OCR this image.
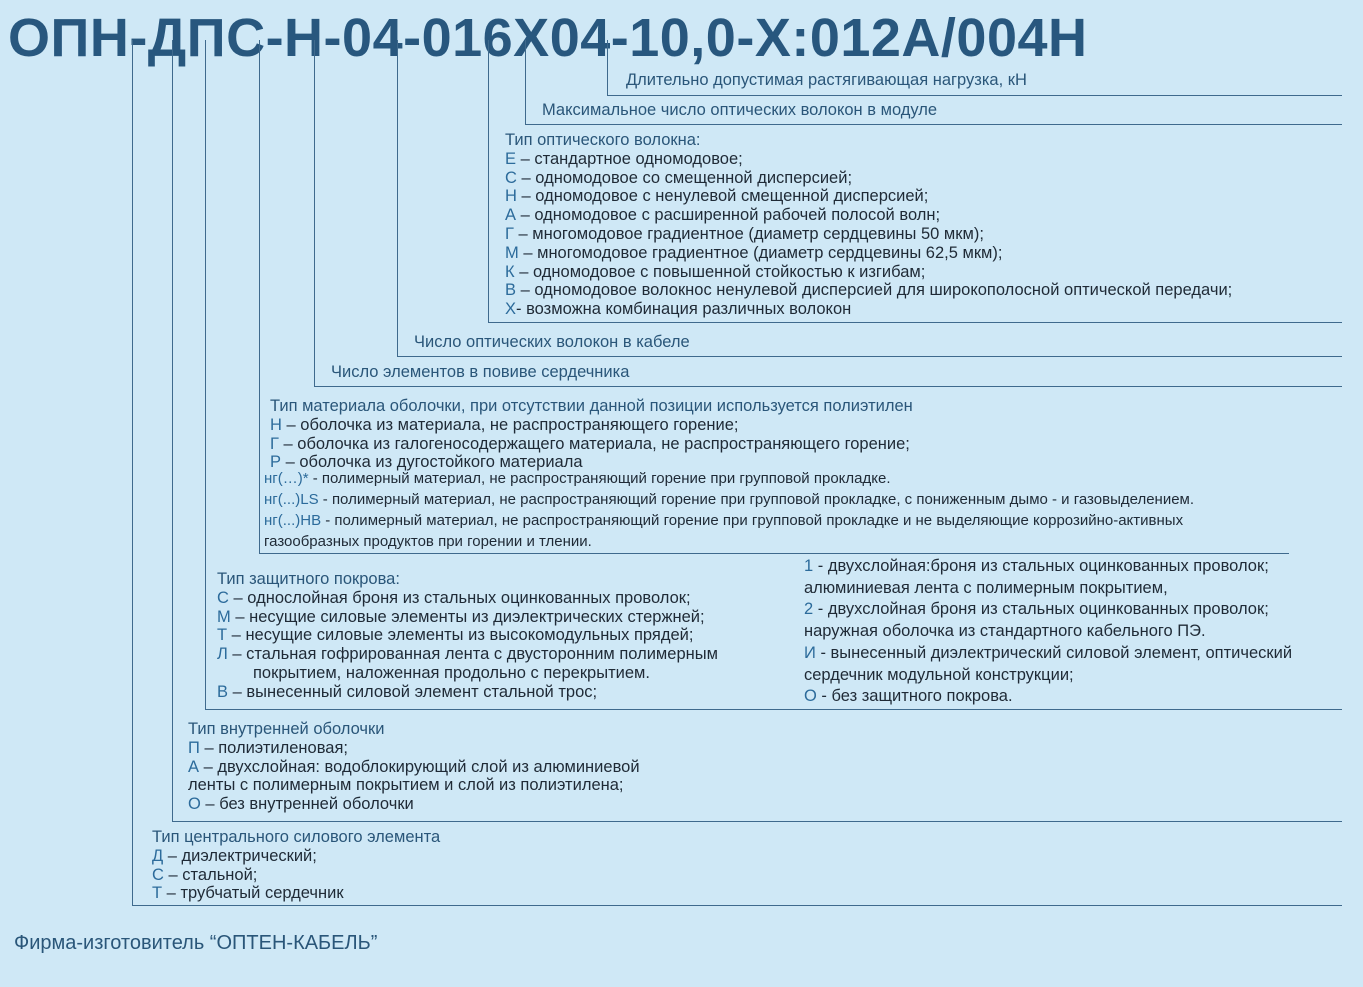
ОПН-ДПС-Н-04-016Х04-10,0-Х:012А/004Н

Длительно допустимая растягивающая нагрузка, кН
Максимальное число оптических волокон в модуле
Тип оптического волокна:
Е – стандартное одномодовое;
С – одномодовое со смещенной дисперсией;
Н – одномодовое с ненулевой смещенной дисперсией;
А – одномодовое с расширенной рабочей полосой волн;
Г – многомодовое градиентное (диаметр сердцевины 50 мкм);
М – многомодовое градиентное (диаметр сердцевины 62,5 мкм);
К – одномодовое с повышенной стойкостью к изгибам;
В – одномодовое волокнос ненулевой дисперсией для широкополосной оптической передачи;
Х- возможна комбинация различных волокон
Число оптических волокон в кабеле
Число элементов в повиве сердечника
Тип материала оболочки, при отсутствии данной позиции используется полиэтилен
Н – оболочка из материала, не распространяющего горение;
Г – оболочка из галогеносодержащего материала, не распространяющего горение;
Р – оболочка из дугостойкого материала
нг(…)* - полимерный материал, не распространяющий горение при групповой прокладке.
нг(...)LS - полимерный материал, не распространяющий горение при групповой прокладке, с пониженным дымо - и газовыделением.
нг(...)HВ - полимерный материал, не распространяющий горение при групповой прокладке и не выделяющие коррозийно-активных
газообразных продуктов при горении и тлении.
Тип защитного покрова:
С – однослойная броня из стальных оцинкованных проволок;
М – несущие силовые элементы из диэлектрических стержней;
Т – несущие силовые элементы из высокомодульных прядей;
Л – стальная гофрированная лента с двусторонним полимерным
покрытием, наложенная продольно с перекрытием.
В – вынесенный силовой элемент стальной трос;
1 - двухслойная:броня из стальных оцинкованных проволок;
алюминиевая лента с полимерным покрытием,
2 - двухслойная броня из стальных оцинкованных проволок;
наружная оболочка из стандартного кабельного ПЭ.
И - вынесенный диэлектрический силовой элемент, оптический
сердечник модульной конструкции;
О - без защитного покрова.
Тип внутренней оболочки
П – полиэтиленовая;
А – двухслойная: водоблокирующий слой из алюминиевой
ленты с полимерным покрытием и слой из полиэтилена;
О – без внутренней оболочки
Тип центрального силового элемента
Д – диэлектрический;
С – стальной;
Т – трубчатый сердечник

Фирма-изготовитель “ОПТЕН-КАБЕЛЬ”
